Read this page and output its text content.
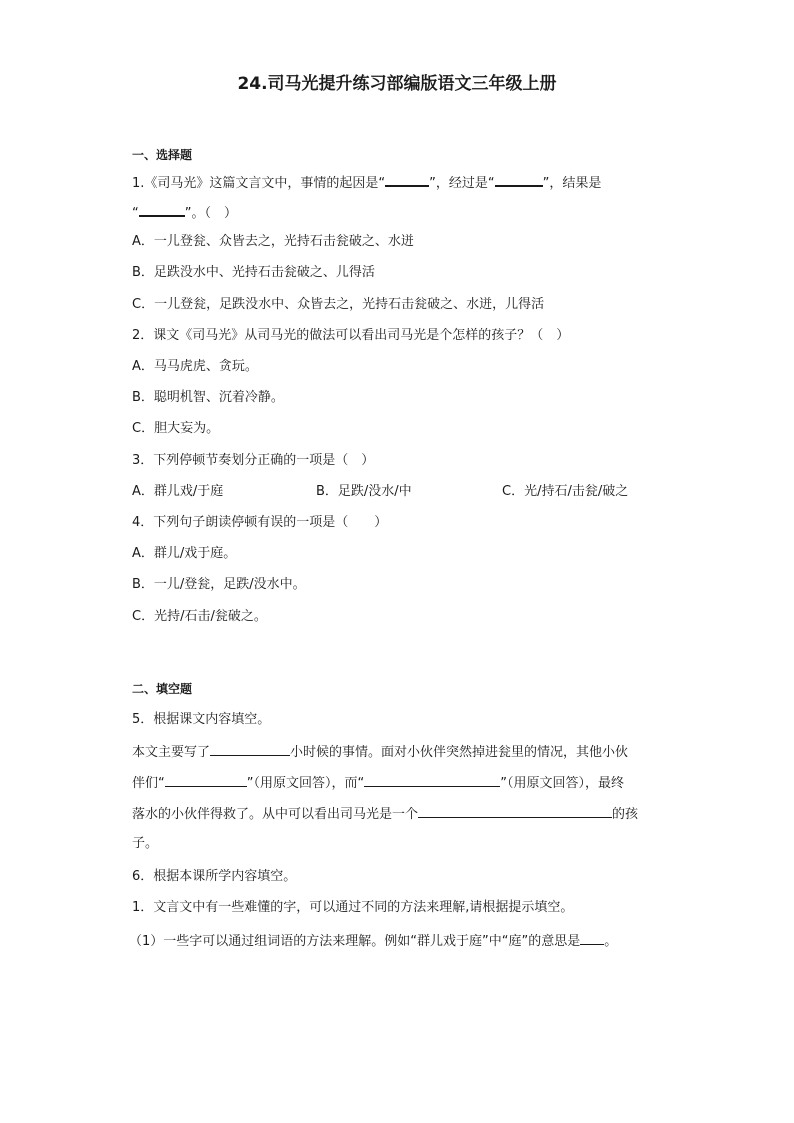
24.司马光提升练习部编版语文三年级上册
一、选择题
1.《司马光》这篇文言文中，事情的起因是“	”，经过是“	”，结果是
“	”。（　）
A．一儿登瓮、众皆去之，光持石击瓮破之、水迸
B．足跌没水中、光持石击瓮破之、儿得活
C．一儿登瓮，足跌没水中、众皆去之，光持石击瓮破之、水迸，儿得活
2．课文《司马光》从司马光的做法可以看出司马光是个怎样的孩子？（　）
A．马马虎虎、贪玩。
B．聪明机智、沉着冷静。
C．胆大妄为。
3．下列停顿节奏划分正确的一项是（　）
A．群儿戏/于庭	B．足跌/没水/中	C．光/持石/击瓮/破之
4．下列句子朗读停顿有误的一项是（　　）
A．群儿/戏于庭。
B．一儿/登瓮，足跌/没水中。
C．光持/石击/瓮破之。
二、填空题
5．根据课文内容填空。
本文主要写了	小时候的事情。面对小伙伴突然掉进瓮里的情况，其他小伙
伴们“	”（用原文回答），而“	”（用原文回答），最终
落水的小伙伴得救了。从中可以看出司马光是一个	的孩
子。
6．根据本课所学内容填空。
1．文言文中有一些难懂的字，可以通过不同的方法来理解,请根据提示填空。
（1）一些字可以通过组词语的方法来理解。例如“群儿戏于庭”中“庭”的意思是 。
